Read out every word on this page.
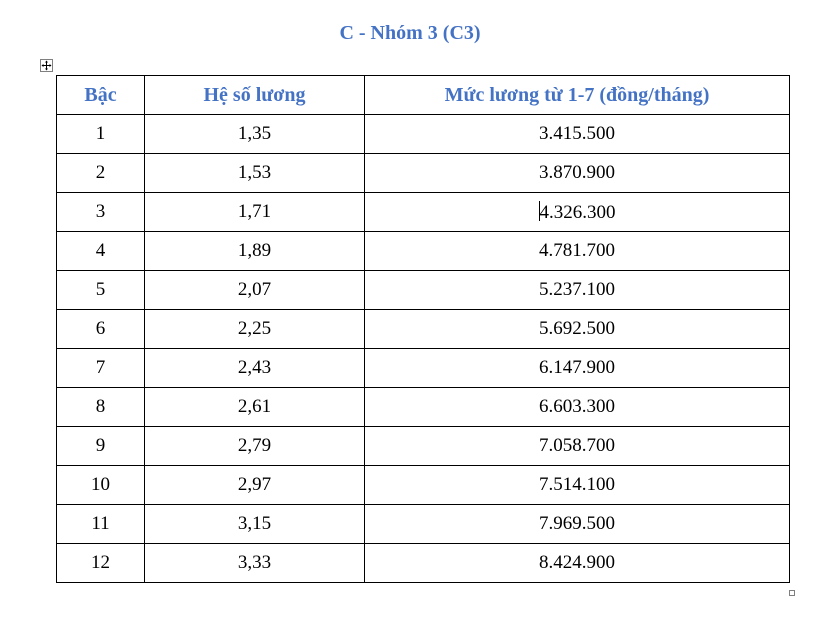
C - Nhóm 3 (C3)
Bậc	Hệ số lương	Mức lương từ 1-7 (đồng/tháng)
1	1,35	3.415.500
2	1,53	3.870.900
3	1,71	4.326.300
4	1,89	4.781.700
5	2,07	5.237.100
6	2,25	5.692.500
7	2,43	6.147.900
8	2,61	6.603.300
9	2,79	7.058.700
10	2,97	7.514.100
11	3,15	7.969.500
12	3,33	8.424.900
